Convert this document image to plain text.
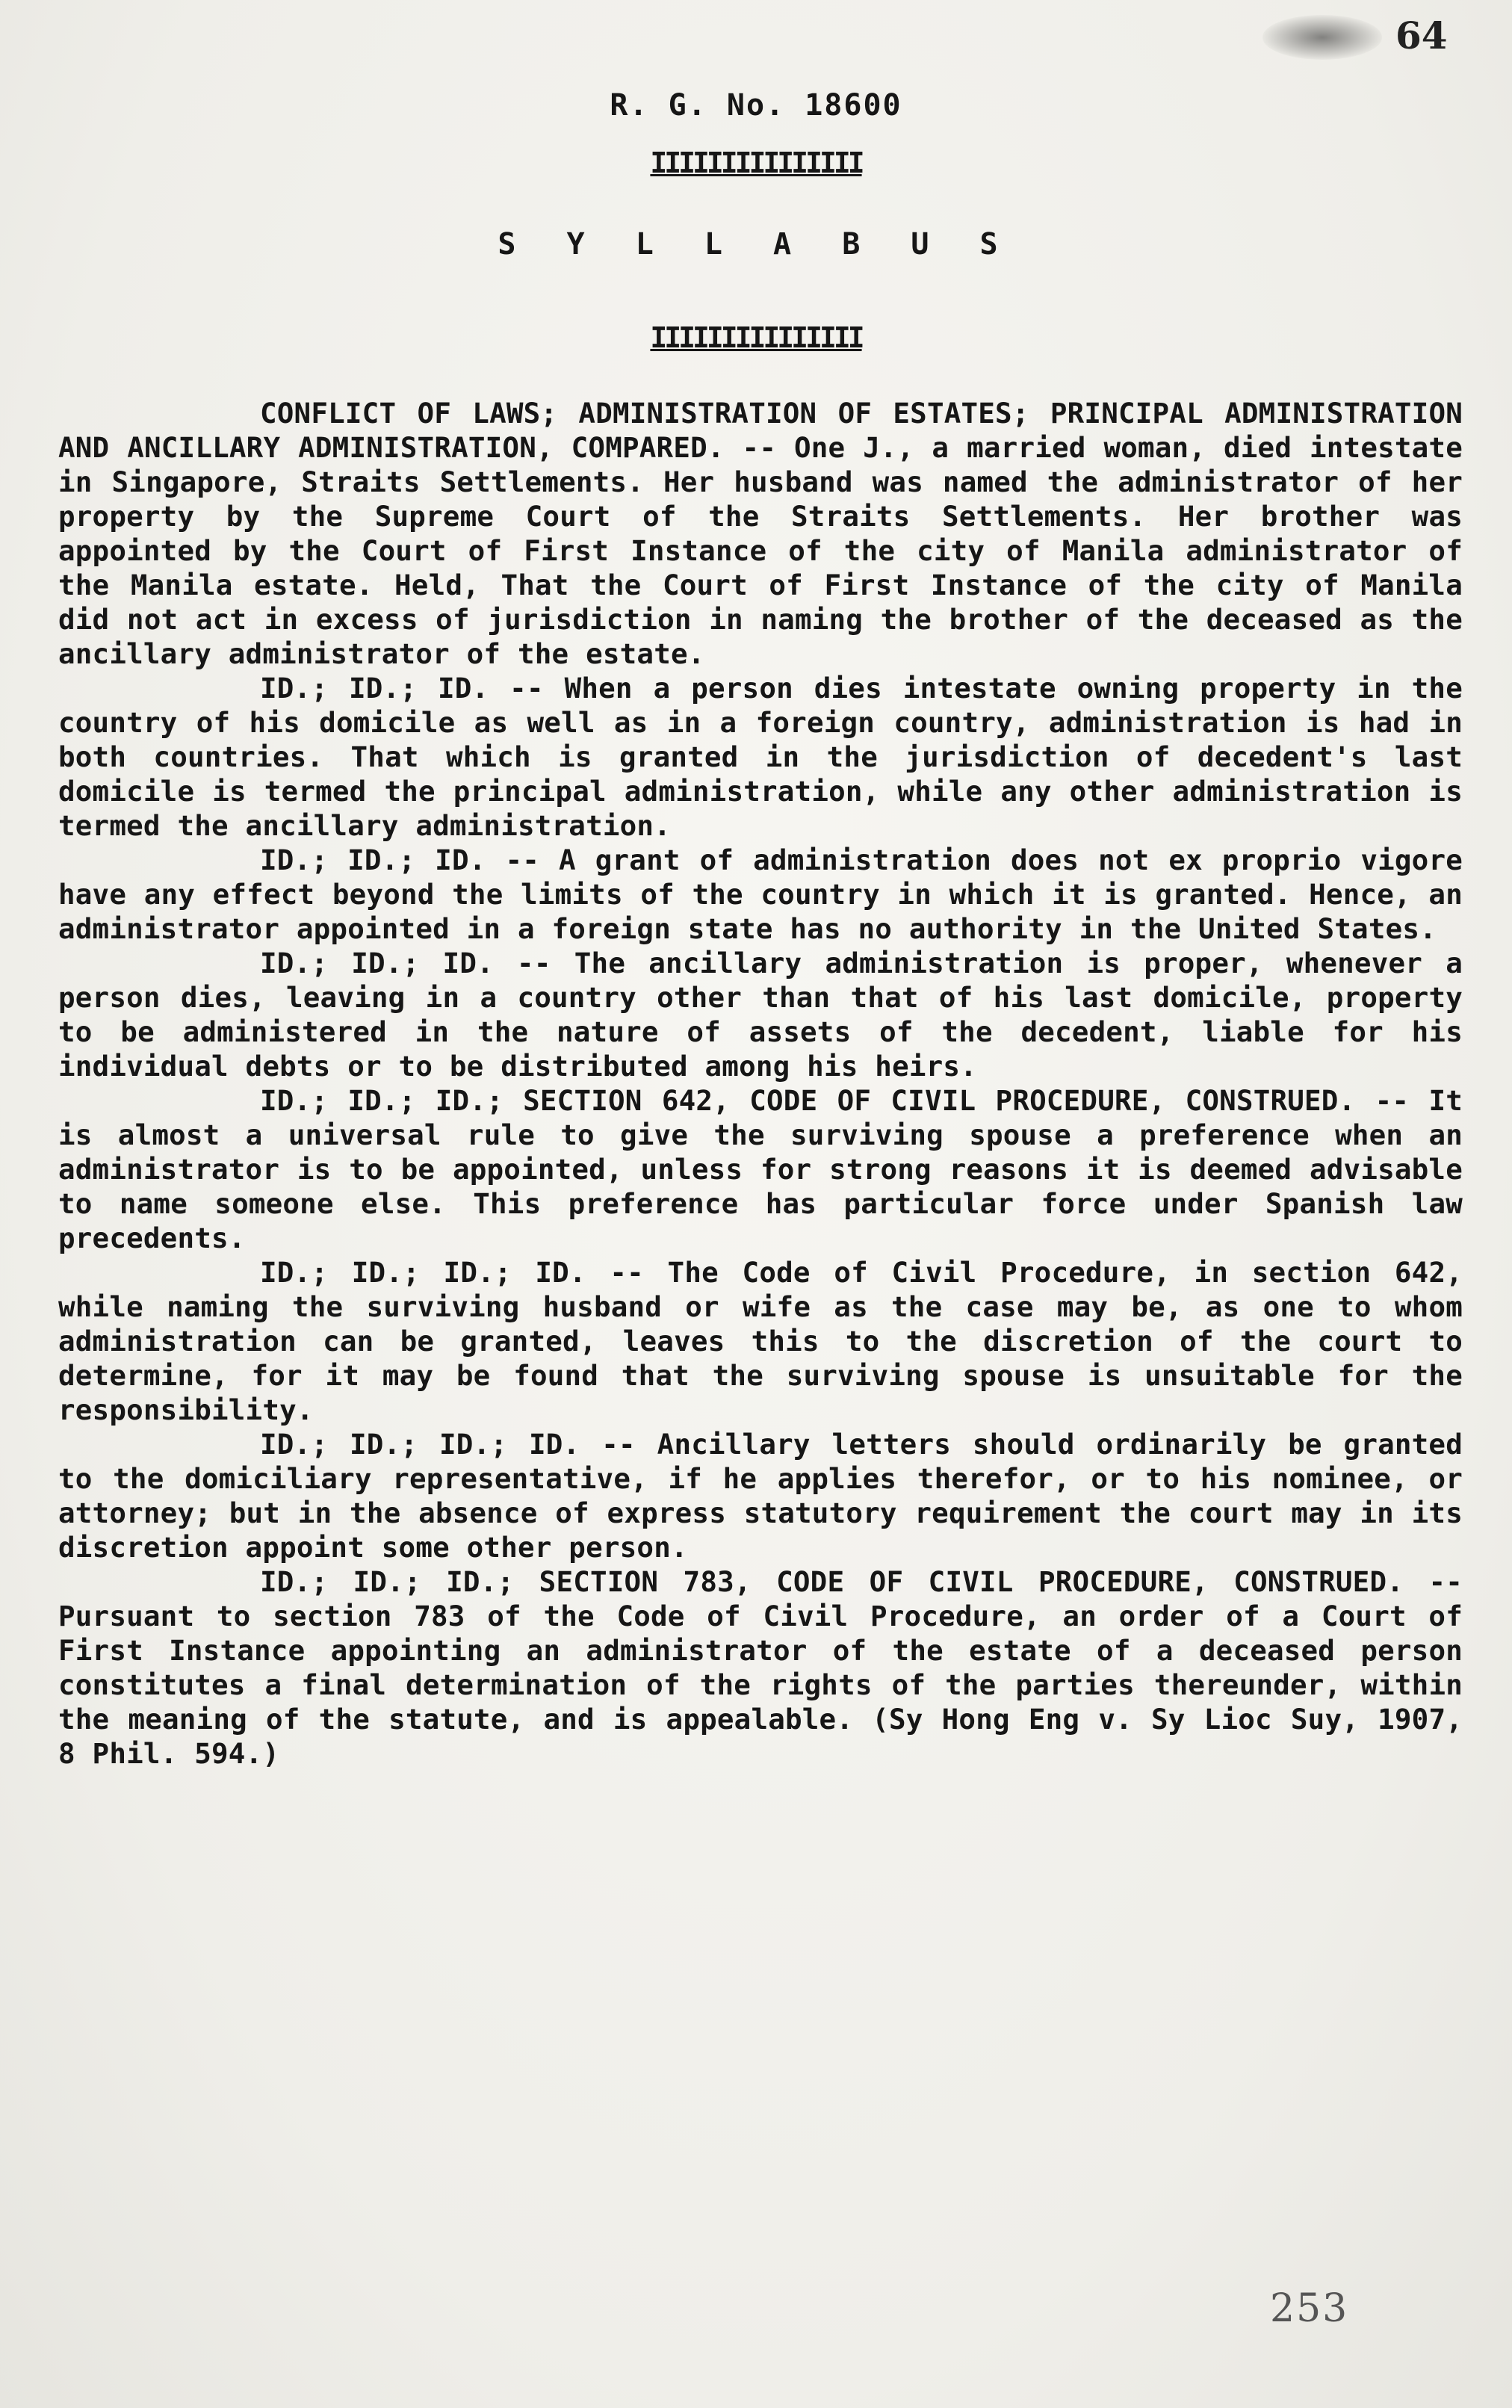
64
R. G. No. 18600
IIIIIIIIIIIIIII
S Y L L A B U S
IIIIIIIIIIIIIII

CONFLICT OF LAWS; ADMINISTRATION OF ESTATES; PRINCIPAL ADMINISTRATION AND ANCILLARY ADMINISTRATION, COMPARED. -- One J., a married woman, died intestate in Singapore, Straits Settlements. Her husband was named the administrator of her property by the Supreme Court of the Straits Settlements. Her brother was appointed by the Court of First Instance of the city of Manila administrator of the Manila estate. Held, That the Court of First Instance of the city of Manila did not act in excess of jurisdiction in naming the brother of the deceased as the ancillary administrator of the estate.

ID.; ID.; ID. -- When a person dies intestate owning property in the country of his domicile as well as in a foreign country, administration is had in both countries. That which is granted in the jurisdiction of decedent's last domicile is termed the principal administration, while any other administration is termed the ancillary administration.

ID.; ID.; ID. -- A grant of administration does not ex proprio vigore have any effect beyond the limits of the country in which it is granted. Hence, an administrator appointed in a foreign state has no authority in the United States.

ID.; ID.; ID. -- The ancillary administration is proper, whenever a person dies, leaving in a country other than that of his last domicile, property to be administered in the nature of assets of the decedent, liable for his individual debts or to be distributed among his heirs.

ID.; ID.; ID.; SECTION 642, CODE OF CIVIL PROCEDURE, CONSTRUED. -- It is almost a universal rule to give the surviving spouse a preference when an administrator is to be appointed, unless for strong reasons it is deemed advisable to name someone else. This preference has particular force under Spanish law precedents.

ID.; ID.; ID.; ID. -- The Code of Civil Procedure, in section 642, while naming the surviving husband or wife as the case may be, as one to whom administration can be granted, leaves this to the discretion of the court to determine, for it may be found that the surviving spouse is unsuitable for the responsibility.

ID.; ID.; ID.; ID. -- Ancillary letters should ordinarily be granted to the domiciliary representative, if he applies therefor, or to his nominee, or attorney; but in the absence of express statutory requirement the court may in its discretion appoint some other person.

ID.; ID.; ID.; SECTION 783, CODE OF CIVIL PROCEDURE, CONSTRUED. -- Pursuant to section 783 of the Code of Civil Procedure, an order of a Court of First Instance appointing an administrator of the estate of a deceased person constitutes a final determination of the rights of the parties thereunder, within the meaning of the statute, and is appealable. (Sy Hong Eng v. Sy Lioc Suy, 1907, 8 Phil. 594.)

253
